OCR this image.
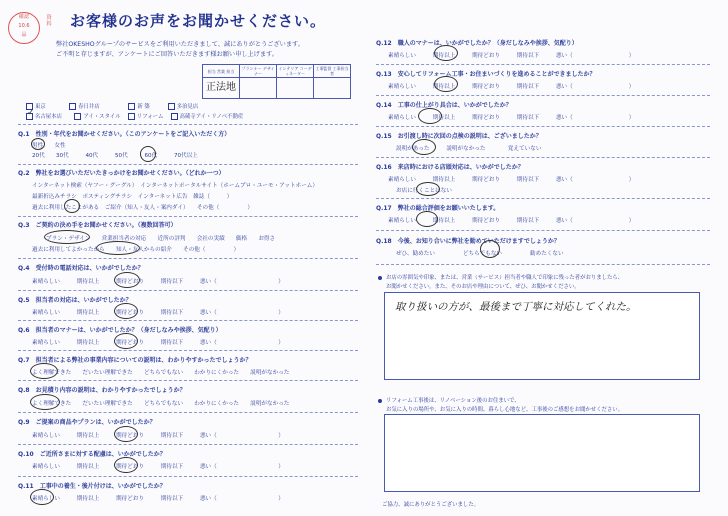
確認
10.6
品
資料 お客様のお声をお聞かせください。
弊社OKESHOグループのサービスをご利用いただきまして、誠にありがとうございます。
ご不明と存じますが、アンケートにご回答いただきます様お願い申し上げます。
担当 営業 担当	プランナー デザイナー	インテリア コーディネーター	工事監督 工事担当者
正法地			
東京　　　　	春日井店　　　　　	新 築　　　	多治見店
名古屋本店　　	アイ・スタイル　	リフォーム　	高蔵寺アイ・リノベ不動産
✓
Q.1　 性別・年代をお聞かせください。（このアンケートをご記入いただく方）
男性　　 女性
20代　　 30代　　　	40代　　　	50代　　　	60代　　　	70代以上
Q.2　 弊社をお選びいただいたきっかけをお聞かせください。（どれか一つ）
インターネット検索（ヤフー・グーグル）　 インターネットポータルサイト（ホームプロ・ユーモ・アットホーム）
最新折込みチラシ　 ポスティングチラシ　 インターネット広告　 雑誌（　　　	）
過去に利用したことがある　 ご紹介（知人・友人・案内ダイ）　　 その他（　　　　　	）
Q.3　 ご契約の決め手をお聞かせください。（複数回答可）
プラン・デザイン　　 営業担当者の対応　　 近所の評判　　 会社の実績　　 価格　　 お得さ
過去に利用してよかったから　　 知人・友人からの紹介　　 その他（　　　　　	）
Q.4　 受付時の電話対応は、いかがでしたか？
素晴らしい　　　	期待以上　　　	期待どおり　　　	期待以下　　　	悪い（　　　　　　　　　　　	）
Q.5　 担当者の対応は、いかがでしたか？
素晴らしい　　　	期待以上　　　	期待どおり　　　	期待以下　　　	悪い（　　　　　　　　　　　	）
Q.6　 担当者のマナーは、いかがでしたか？（身だしなみや挨拶、気配り）
素晴らしい　　　	期待以上　　　	期待どおり　　　	期待以下　　　	悪い（　　　　　　　　　　　	）
Q.7　 担当者による弊社の事業内容についての説明は、わかりやすかったでしょうか？
よく理解できた　　 だいたい理解できた　　 どちらでもない　　 わかりにくかった　　 説明がなかった
Q.8　 お見積り内容の説明は、わかりやすかったでしょうか？
よく理解できた　　 だいたい理解できた　　 どちらでもない　　 わかりにくかった　　 説明がなかった
Q.9　 ご提案の商品やプランは、いかがでしたか？
素晴らしい　　　	期待以上　　　	期待どおり　　　	期待以下　　　	悪い（　　　　　　　　　　　	）
Q.10　 ご近所さまに対する配慮は、いかがでしたか？
素晴らしい　　　	期待以上　　　	期待どおり　　　	期待以下　　　	悪い（　　　　　　　　　　　	）
Q.11　 工事中の養生・後片付けは、いかがでしたか？
素晴らしい　　　	期待以上　　　	期待どおり　　　	期待以下　　　	悪い（　　　　　　　　　　　	）
Q.12　 職人のマナーは、いかがでしたか？（身だしなみや挨拶、気配り）
素晴らしい　　　	期待以上　　　	期待どおり　　　	期待以下　　　	悪い（　　　　　　　　　　	）
Q.13　 安心してリフォーム工事・お住まいづくりを進めることができましたか？
素晴らしい　　　	期待以上　　　	期待どおり　　　	期待以下　　　	悪い（　　　　　　　　　　	）
Q.14　 工事の仕上がり具合は、いかがでしたか？
素晴らしい　　　	期待以上　　　	期待どおり　　　	期待以下　　　	悪い（　　　　　　　　　　	）
Q.15　 お引渡し時に次回の点検の説明は、ございましたか？
説明があった　　　	説明がなかった　　　　	覚えていない
Q.16　 来店時における店頭対応は、いかがでしたか？
素晴らしい　　　	期待以上　　　	期待どおり　　　	期待以下　　　	悪い（　　　　　　　　　　	）
お店に行くことはない
Q.17　 弊社の総合評価をお願いいたします。
素晴らしい　　　	期待以上　　　	期待どおり　　　	期待以下　　　	悪い（　　　　　　　　　　	）
Q.18　 今後、お知り合いに弊社を勧めていただけますでしょうか？
ぜひ、勧めたい　　　　　	どちらでもない　　　　　	勧めたくない
お店の雰囲気や印象、または、営業（サービス）担当者や職人で印象に残った者がおりましたら、
お聞かせください。また、そのお店や理由について、ぜひ、お聞かせください。
取り扱いの方が、最後まで丁寧に対応してくれた。
リフォーム工事後は、リノベーション後のお住まいで、
お気に入りの場所や、お気に入りの時間、暮らし心地など、工事後のご感想をお聞かせください。
ご協力、誠にありがとうございました。
